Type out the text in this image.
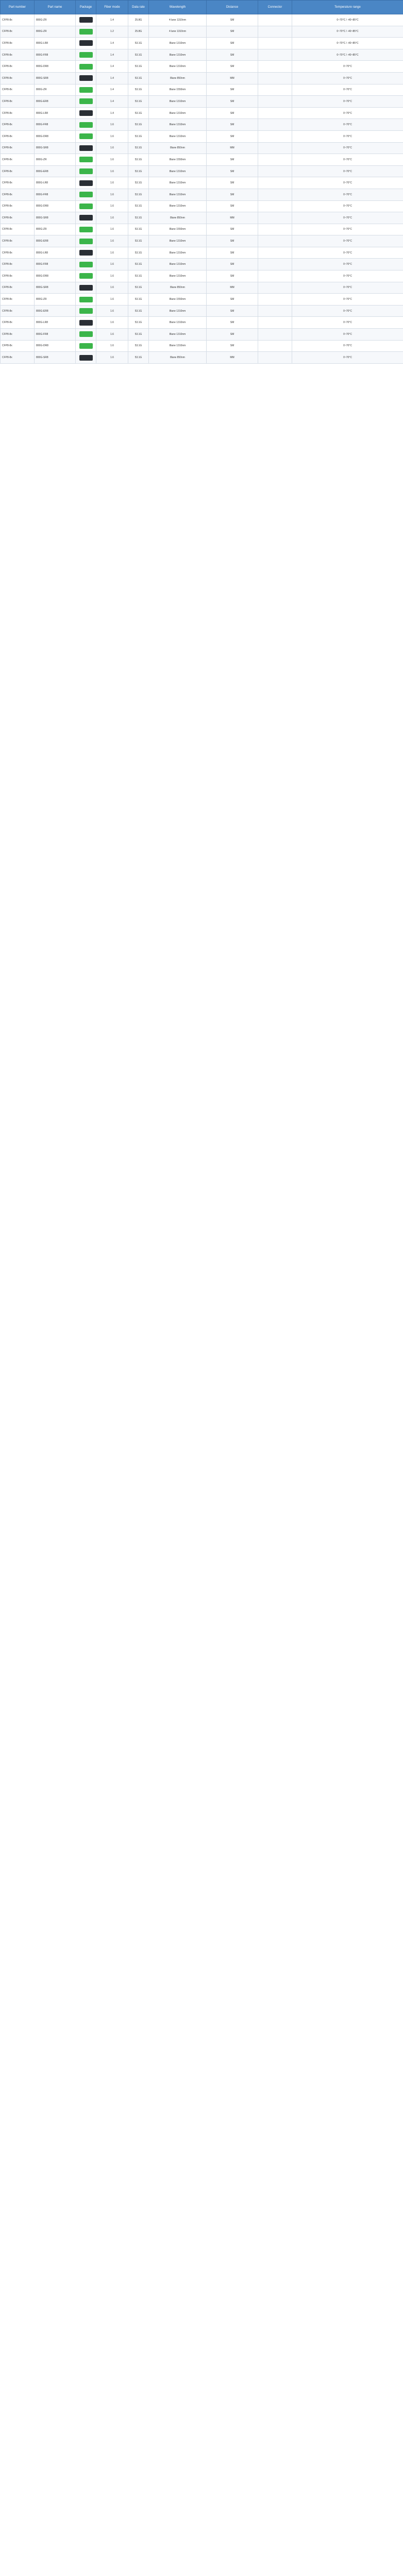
Part number	Part name	Package	Fiber mode	Data rate	Wavelength	Distance	Connector	Temperature range
CFP8-8x	800G-ZR		1.4	25.8G	4 lane 1310nm	SM		0~70°C / -40~85°C
CFP8-8x	800G-ZR		1.2	25.8G	4 lane 1310nm	SM		0~70°C / -40~85°C
CFP8-8x	800G-LR8		1.4	53.1G	8lane 1310nm	SM		0~70°C / -40~85°C
CFP8-8x	800G-FR8		1.4	53.1G	8lane 1310nm	SM		0~70°C / -40~85°C
CFP8-8x	800G-DR8		1.4	53.1G	8lane 1310nm	SM		0~70°C
CFP8-8x	800G-SR8		1.4	53.1G	8lane 850nm	MM		0~70°C
CFP8-8x	800G-ZR		1.4	53.1G	8lane 1550nm	SM		0~70°C
CFP8-8x	800G-ER8		1.4	53.1G	8lane 1310nm	SM		0~70°C
CFP8-8x	800G-LR8		1.4	53.1G	8lane 1310nm	SM		0~70°C
CFP8-8x	800G-FR8		1.6	53.1G	8lane 1310nm	SM		0~70°C
CFP8-8x	800G-DR8		1.6	53.1G	8lane 1310nm	SM		0~70°C
CFP8-8x	800G-SR8		1.6	53.1G	8lane 850nm	MM		0~70°C
CFP8-8x	800G-ZR		1.6	53.1G	8lane 1550nm	SM		0~70°C
CFP8-8x	800G-ER8		1.6	53.1G	8lane 1310nm	SM		0~70°C
CFP8-8x	800G-LR8		1.6	53.1G	8lane 1310nm	SM		0~70°C
CFP8-8x	800G-FR8		1.6	53.1G	8lane 1310nm	SM		0~70°C
CFP8-8x	800G-DR8		1.6	53.1G	8lane 1310nm	SM		0~70°C
CFP8-8x	800G-SR8		1.6	53.1G	8lane 850nm	MM		0~70°C
CFP8-8x	800G-ZR		1.6	53.1G	8lane 1550nm	SM		0~70°C
CFP8-8x	800G-ER8		1.6	53.1G	8lane 1310nm	SM		0~70°C
CFP8-8x	800G-LR8		1.6	53.1G	8lane 1310nm	SM		0~70°C
CFP8-8x	800G-FR8		1.6	53.1G	8lane 1310nm	SM		0~70°C
CFP8-8x	800G-DR8		1.6	53.1G	8lane 1310nm	SM		0~70°C
CFP8-8x	800G-SR8		1.6	53.1G	8lane 850nm	MM		0~70°C
CFP8-8x	800G-ZR		1.6	53.1G	8lane 1550nm	SM		0~70°C
CFP8-8x	800G-ER8		1.6	53.1G	8lane 1310nm	SM		0~70°C
CFP8-8x	800G-LR8		1.6	53.1G	8lane 1310nm	SM		0~70°C
CFP8-8x	800G-FR8		1.6	53.1G	8lane 1310nm	SM		0~70°C
CFP8-8x	800G-DR8		1.6	53.1G	8lane 1310nm	SM		0~70°C
CFP8-8x	800G-SR8		1.6	53.1G	8lane 850nm	MM		0~70°C
